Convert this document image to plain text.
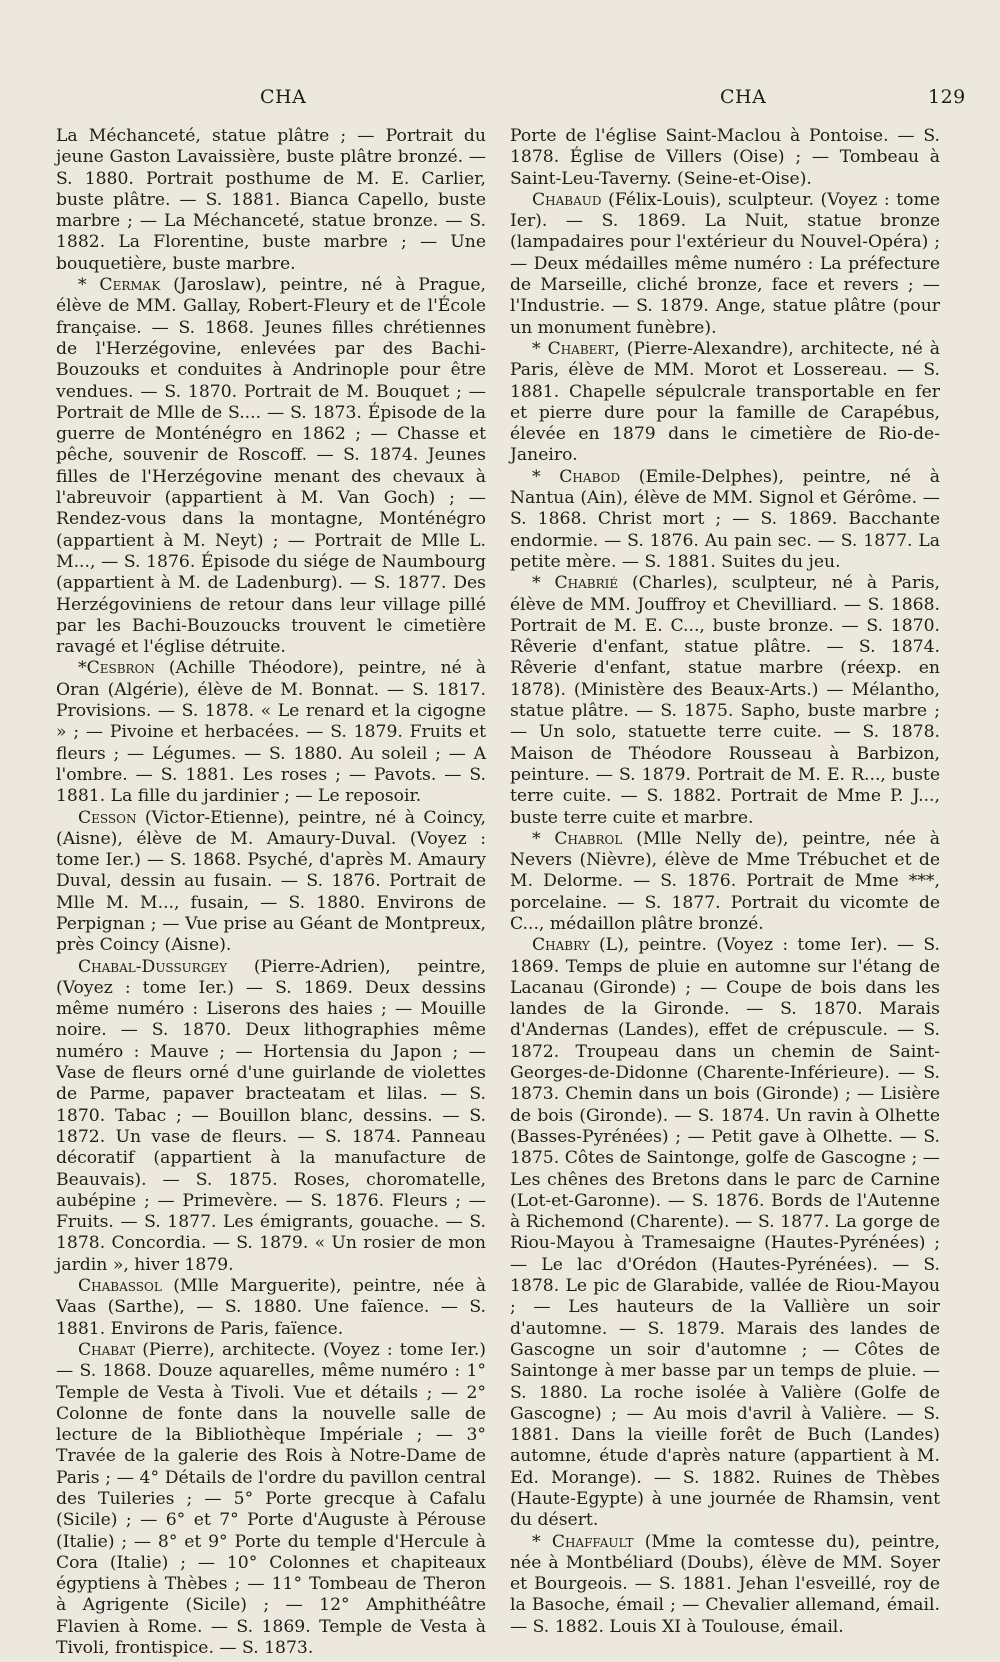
CHA	CHA	129

La Méchanceté, statue plâtre ; — Portrait du jeune Gaston Lavaissière, buste plâtre bronzé. — S. 1880. Portrait posthume de M. E. Carlier, buste plâtre. — S. 1881. Bianca Capello, buste marbre ; — La Méchanceté, statue bronze. — S. 1882. La Florentine, buste marbre ; — Une bouquetière, buste marbre.

* Cermak (Jaroslaw), peintre, né à Prague, élève de MM. Gallay, Robert-Fleury et de l'École française. — S. 1868. Jeunes filles chrétiennes de l'Herzégovine, enlevées par des Bachi-Bouzouks et conduites à Andrinople pour être vendues. — S. 1870. Portrait de M. Bouquet ; — Portrait de Mlle de S.... — S. 1873. Épisode de la guerre de Monténégro en 1862 ; — Chasse et pêche, souvenir de Roscoff. — S. 1874. Jeunes filles de l'Herzégovine menant des chevaux à l'abreuvoir (appartient à M. Van Goch) ; — Rendez-vous dans la montagne, Monténégro (appartient à M. Neyt) ; — Portrait de Mlle L. M..., — S. 1876. Épisode du siége de Naumbourg (appartient à M. de Ladenburg). — S. 1877. Des Herzégoviniens de retour dans leur village pillé par les Bachi-Bouzoucks trouvent le cimetière ravagé et l'église détruite.

*Cesbron (Achille Théodore), peintre, né à Oran (Algérie), élève de M. Bonnat. — S. 1817. Provisions. — S. 1878. « Le renard et la cigogne » ; — Pivoine et herbacées. — S. 1879. Fruits et fleurs ; — Légumes. — S. 1880. Au soleil ; — A l'ombre. — S. 1881. Les roses ; — Pavots. — S. 1881. La fille du jardinier ; — Le reposoir.

Cesson (Victor-Etienne), peintre, né à Coincy, (Aisne), élève de M. Amaury-Duval. (Voyez : tome Ier.) — S. 1868. Psyché, d'après M. Amaury Duval, dessin au fusain. — S. 1876. Portrait de Mlle M. M..., fusain, — S. 1880. Environs de Perpignan ; — Vue prise au Géant de Montpreux, près Coincy (Aisne).

Chabal-Dussurgey (Pierre-Adrien), peintre, (Voyez : tome Ier.) — S. 1869. Deux dessins même numéro : Liserons des haies ; — Mouille noire. — S. 1870. Deux lithographies même numéro : Mauve ; — Hortensia du Japon ; — Vase de fleurs orné d'une guirlande de violettes de Parme, papaver bracteatam et lilas. — S. 1870. Tabac ; — Bouillon blanc, dessins. — S. 1872. Un vase de fleurs. — S. 1874. Panneau décoratif (appartient à la manufacture de Beauvais). — S. 1875. Roses, choromatelle, aubépine ; — Primevère. — S. 1876. Fleurs ; — Fruits. — S. 1877. Les émigrants, gouache. — S. 1878. Concordia. — S. 1879. « Un rosier de mon jardin », hiver 1879.

Chabassol (Mlle Marguerite), peintre, née à Vaas (Sarthe), — S. 1880. Une faïence. — S. 1881. Environs de Paris, faïence.

Chabat (Pierre), architecte. (Voyez : tome Ier.) — S. 1868. Douze aquarelles, même numéro : 1° Temple de Vesta à Tivoli. Vue et détails ; — 2° Colonne de fonte dans la nouvelle salle de lecture de la Bibliothèque Impériale ; — 3° Travée de la galerie des Rois à Notre-Dame de Paris ; — 4° Détails de l'ordre du pavillon central des Tuileries ; — 5° Porte grecque à Cafalu (Sicile) ; — 6° et 7° Porte d'Auguste à Pérouse (Italie) ; — 8° et 9° Porte du temple d'Hercule à Cora (Italie) ; — 10° Colonnes et chapiteaux égyptiens à Thèbes ; — 11° Tombeau de Theron à Agrigente (Sicile) ; — 12° Amphithéâtre Flavien à Rome. — S. 1869. Temple de Vesta à Tivoli, frontispice. — S. 1873.

Porte de l'église Saint-Maclou à Pontoise. — S. 1878. Église de Villers (Oise) ; — Tombeau à Saint-Leu-Taverny. (Seine-et-Oise).

Chabaud (Félix-Louis), sculpteur. (Voyez : tome Ier). — S. 1869. La Nuit, statue bronze (lampadaires pour l'extérieur du Nouvel-Opéra) ; — Deux médailles même numéro : La préfecture de Marseille, cliché bronze, face et revers ; — l'Industrie. — S. 1879. Ange, statue plâtre (pour un monument funèbre).

* Chabert, (Pierre-Alexandre), architecte, né à Paris, élève de MM. Morot et Lossereau. — S. 1881. Chapelle sépulcrale transportable en fer et pierre dure pour la famille de Carapébus, élevée en 1879 dans le cimetière de Rio-de-Janeiro.

* Chabod (Emile-Delphes), peintre, né à Nantua (Ain), élève de MM. Signol et Gérôme. — S. 1868. Christ mort ; — S. 1869. Bacchante endormie. — S. 1876. Au pain sec. — S. 1877. La petite mère. — S. 1881. Suites du jeu.

* Chabrié (Charles), sculpteur, né à Paris, élève de MM. Jouffroy et Chevilliard. — S. 1868. Portrait de M. E. C..., buste bronze. — S. 1870. Rêverie d'enfant, statue plâtre. — S. 1874. Rêverie d'enfant, statue marbre (réexp. en 1878). (Ministère des Beaux-Arts.) — Mélantho, statue plâtre. — S. 1875. Sapho, buste marbre ; — Un solo, statuette terre cuite. — S. 1878. Maison de Théodore Rousseau à Barbizon, peinture. — S. 1879. Portrait de M. E. R..., buste terre cuite. — S. 1882. Portrait de Mme P. J..., buste terre cuite et marbre.

* Chabrol (Mlle Nelly de), peintre, née à Nevers (Nièvre), élève de Mme Trébuchet et de M. Delorme. — S. 1876. Portrait de Mme ***, porcelaine. — S. 1877. Portrait du vicomte de C..., médaillon plâtre bronzé.

Chabry (L), peintre. (Voyez : tome Ier). — S. 1869. Temps de pluie en automne sur l'étang de Lacanau (Gironde) ; — Coupe de bois dans les landes de la Gironde. — S. 1870. Marais d'Andernas (Landes), effet de crépuscule. — S. 1872. Troupeau dans un chemin de Saint-Georges-de-Didonne (Charente-Inférieure). — S. 1873. Chemin dans un bois (Gironde) ; — Lisière de bois (Gironde). — S. 1874. Un ravin à Olhette (Basses-Pyrénées) ; — Petit gave à Olhette. — S. 1875. Côtes de Saintonge, golfe de Gascogne ; — Les chênes des Bretons dans le parc de Carnine (Lot-et-Garonne). — S. 1876. Bords de l'Autenne à Richemond (Charente). — S. 1877. La gorge de Riou-Mayou à Tramesaigne (Hautes-Pyrénées) ; — Le lac d'Orédon (Hautes-Pyrénées). — S. 1878. Le pic de Glarabide, vallée de Riou-Mayou ; — Les hauteurs de la Vallière un soir d'automne. — S. 1879. Marais des landes de Gascogne un soir d'automne ; — Côtes de Saintonge à mer basse par un temps de pluie. — S. 1880. La roche isolée à Valière (Golfe de Gascogne) ; — Au mois d'avril à Valière. — S. 1881. Dans la vieille forêt de Buch (Landes) automne, étude d'après nature (appartient à M. Ed. Morange). — S. 1882. Ruines de Thèbes (Haute-Egypte) à une journée de Rhamsin, vent du désert.

* Chaffault (Mme la comtesse du), peintre, née à Montbéliard (Doubs), élève de MM. Soyer et Bourgeois. — S. 1881. Jehan l'esveillé, roy de la Basoche, émail ; — Chevalier allemand, émail. — S. 1882. Louis XI à Toulouse, émail.
